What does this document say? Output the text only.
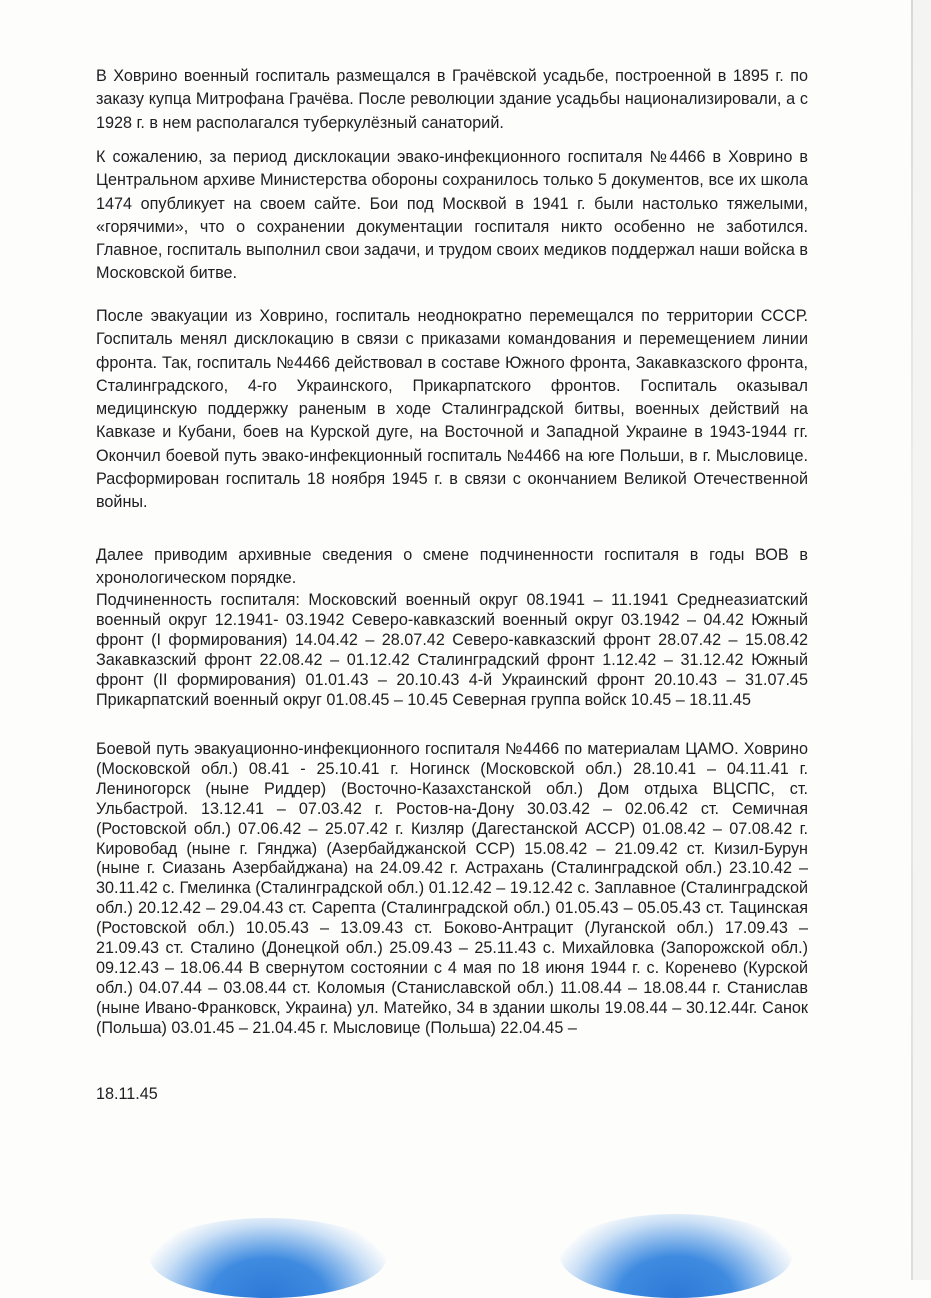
В Ховрино военный госпиталь размещался в Грачёвской усадьбе, построенной в 1895 г. по заказу купца Митрофана Грачёва. После революции здание усадьбы национализировали, а с 1928 г. в нем располагался туберкулёзный санаторий.
К сожалению, за период дисклокации эвако-инфекционного госпиталя №4466 в Ховрино в Центральном архиве Министерства обороны сохранилось только 5 документов, все их школа 1474 опубликует на своем сайте. Бои под Москвой в 1941 г. были настолько тяжелыми, «горячими», что о сохранении документации госпиталя никто особенно не заботился. Главное, госпиталь выполнил свои задачи, и трудом своих медиков поддержал наши войска в Московской битве.
После эвакуации из Ховрино, госпиталь неоднократно перемещался по территории СССР. Госпиталь менял дисклокацию в связи с приказами командования и перемещением линии фронта. Так, госпиталь №4466 действовал в составе Южного фронта, Закавказского фронта, Сталинградского, 4-го Украинского, Прикарпатского фронтов. Госпиталь оказывал медицинскую поддержку раненым в ходе Сталинградской битвы, военных действий на Кавказе и Кубани, боев на Курской дуге, на Восточной и Западной Украине в 1943-1944 гг. Окончил боевой путь эвако-инфекционный госпиталь №4466 на юге Польши, в г. Мысловице. Расформирован госпиталь 18 ноября 1945 г. в связи с окончанием Великой Отечественной войны.
Далее приводим архивные сведения о смене подчиненности госпиталя в годы ВОВ в хронологическом порядке.
Подчиненность госпиталя: Московский военный округ 08.1941 – 11.1941 Среднеазиатский военный округ 12.1941- 03.1942 Северо-кавказский военный округ 03.1942 – 04.42 Южный фронт (I формирования) 14.04.42 – 28.07.42 Северо-кавказский фронт 28.07.42 – 15.08.42 Закавказский фронт 22.08.42 – 01.12.42 Сталинградский фронт 1.12.42 – 31.12.42 Южный фронт (II формирования) 01.01.43 – 20.10.43 4-й Украинский фронт 20.10.43 – 31.07.45 Прикарпатский военный округ 01.08.45 – 10.45 Северная группа войск 10.45 – 18.11.45
Боевой путь эвакуационно-инфекционного госпиталя №4466 по материалам ЦАМО. Ховрино (Московской обл.) 08.41 - 25.10.41 г. Ногинск (Московской обл.) 28.10.41 – 04.11.41 г. Лениногорск (ныне Риддер) (Восточно-Казахстанской обл.) Дом отдыха ВЦСПС, ст. Ульбастрой. 13.12.41 – 07.03.42 г. Ростов-на-Дону 30.03.42 – 02.06.42 ст. Семичная (Ростовской обл.) 07.06.42 – 25.07.42 г. Кизляр (Дагестанской АССР) 01.08.42 – 07.08.42 г. Кировобад (ныне г. Гянджа) (Азербайджанской ССР) 15.08.42 – 21.09.42 ст. Кизил-Бурун (ныне г. Сиазань Азербайджана) на 24.09.42 г. Астрахань (Сталинградской обл.) 23.10.42 – 30.11.42 с. Гмелинка (Сталинградской обл.) 01.12.42 – 19.12.42 с. Заплавное (Сталинградской обл.) 20.12.42 – 29.04.43 ст. Сарепта (Сталинградской обл.) 01.05.43 – 05.05.43 ст. Тацинская (Ростовской обл.) 10.05.43 – 13.09.43 ст. Боково-Антрацит (Луганской обл.) 17.09.43 – 21.09.43 ст. Сталино (Донецкой обл.) 25.09.43 – 25.11.43 с. Михайловка (Запорожской обл.) 09.12.43 – 18.06.44 В свернутом состоянии с 4 мая по 18 июня 1944 г. с. Коренево (Курской обл.) 04.07.44 – 03.08.44 ст. Коломыя (Станиславской обл.) 11.08.44 – 18.08.44 г. Станислав (ныне Ивано-Франковск, Украина) ул. Матейко, 34 в здании школы 19.08.44 – 30.12.44г. Санок (Польша) 03.01.45 – 21.04.45 г. Мысловице (Польша) 22.04.45 –
18.11.45
